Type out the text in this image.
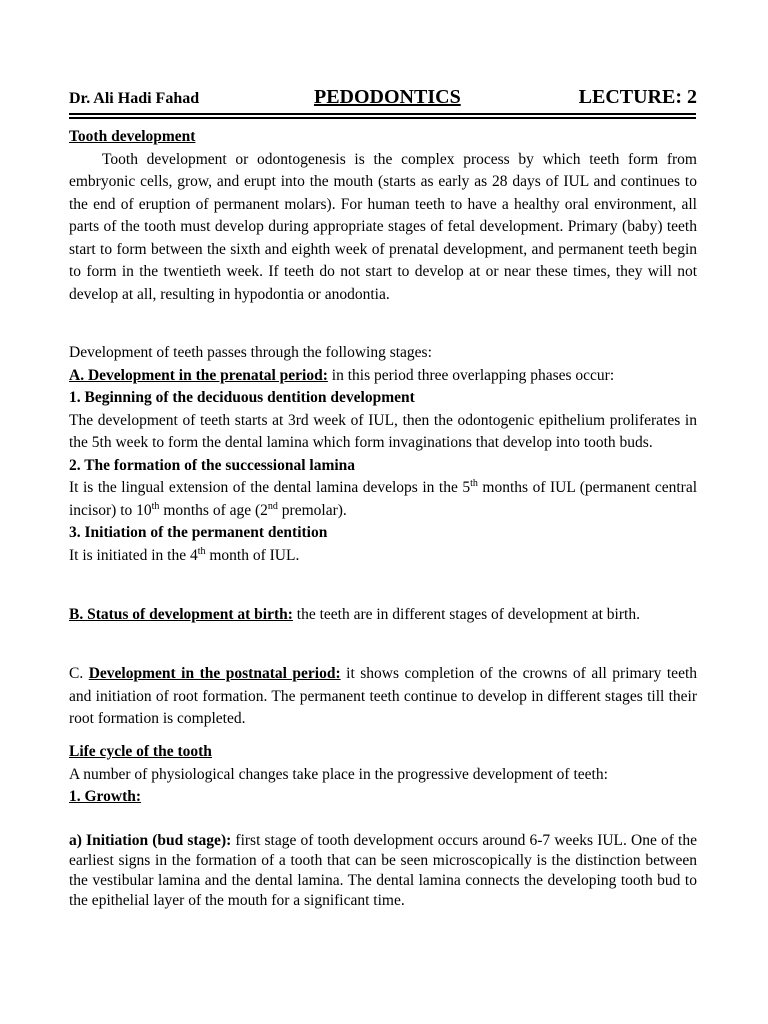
Dr. Ali Hadi Fahad	PEDODONTICS	LECTURE: 2
Tooth development
Tooth development or odontogenesis is the complex process by which teeth form from embryonic cells, grow, and erupt into the mouth (starts as early as 28 days of IUL and continues to the end of eruption of permanent molars). For human teeth to have a healthy oral environment, all parts of the tooth must develop during appropriate stages of fetal development. Primary (baby) teeth start to form between the sixth and eighth week of prenatal development, and permanent teeth begin to form in the twentieth week. If teeth do not start to develop at or near these times, they will not develop at all, resulting in hypodontia or anodontia.
Development of teeth passes through the following stages:
A. Development in the prenatal period: in this period three overlapping phases occur:
1. Beginning of the deciduous dentition development
The development of teeth starts at 3rd week of IUL, then the odontogenic epithelium proliferates in the 5th week to form the dental lamina which form invaginations that develop into tooth buds.
2. The formation of the successional lamina
It is the lingual extension of the dental lamina develops in the 5th months of IUL (permanent central incisor) to 10th months of age (2nd premolar).
3. Initiation of the permanent dentition
It is initiated in the 4th month of IUL.
B. Status of development at birth: the teeth are in different stages of development at birth.
C. Development in the postnatal period: it shows completion of the crowns of all primary teeth and initiation of root formation. The permanent teeth continue to develop in different stages till their root formation is completed.
Life cycle of the tooth
A number of physiological changes take place in the progressive development of teeth:
1. Growth:
a) Initiation (bud stage): first stage of tooth development occurs around 6-7 weeks IUL. One of the earliest signs in the formation of a tooth that can be seen microscopically is the distinction between the vestibular lamina and the dental lamina. The dental lamina connects the developing tooth bud to the epithelial layer of the mouth for a significant time.
